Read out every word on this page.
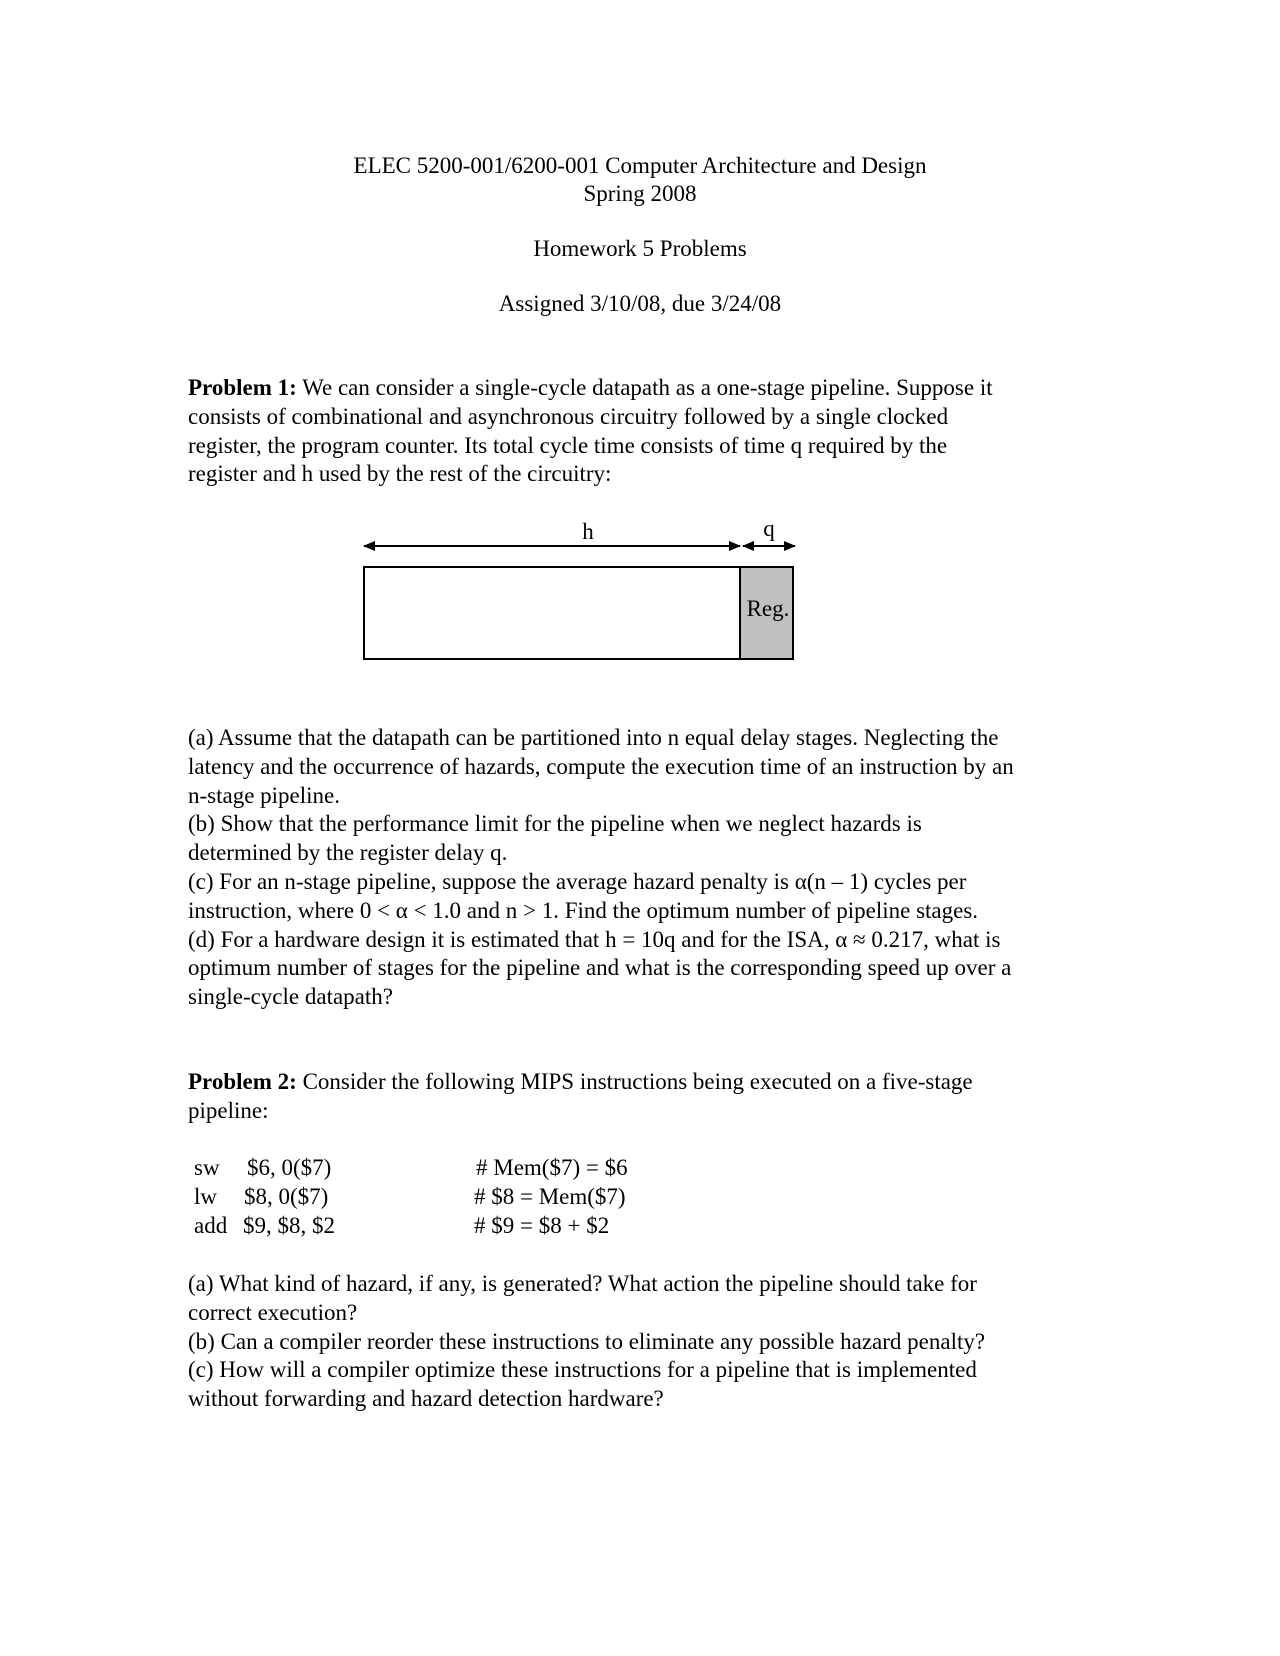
ELEC 5200-001/6200-001 Computer Architecture and Design
Spring 2008
Homework 5 Problems
Assigned 3/10/08, due 3/24/08
Problem 1: We can consider a single-cycle datapath as a one-stage pipeline. Suppose it
consists of combinational and asynchronous circuitry followed by a single clocked
register, the program counter. Its total cycle time consists of time q required by the
register and h used by the rest of the circuitry:
h	q
Reg.
(a) Assume that the datapath can be partitioned into n equal delay stages. Neglecting the
latency and the occurrence of hazards, compute the execution time of an instruction by an
n-stage pipeline.
(b) Show that the performance limit for the pipeline when we neglect hazards is
determined by the register delay q.
(c) For an n-stage pipeline, suppose the average hazard penalty is α(n – 1) cycles per
instruction, where 0 < α < 1.0 and n > 1. Find the optimum number of pipeline stages.
(d) For a hardware design it is estimated that h = 10q and for the ISA, α ≈ 0.217, what is
optimum number of stages for the pipeline and what is the corresponding speed up over a
single-cycle datapath?
Problem 2: Consider the following MIPS instructions being executed on a five-stage
pipeline:
sw $6, 0($7)	# Mem($7) = $6
lw $8, 0($7)	# $8 = Mem($7)
add $9, $8, $2	# $9 = $8 + $2
(a) What kind of hazard, if any, is generated? What action the pipeline should take for
correct execution?
(b) Can a compiler reorder these instructions to eliminate any possible hazard penalty?
(c) How will a compiler optimize these instructions for a pipeline that is implemented
without forwarding and hazard detection hardware?
